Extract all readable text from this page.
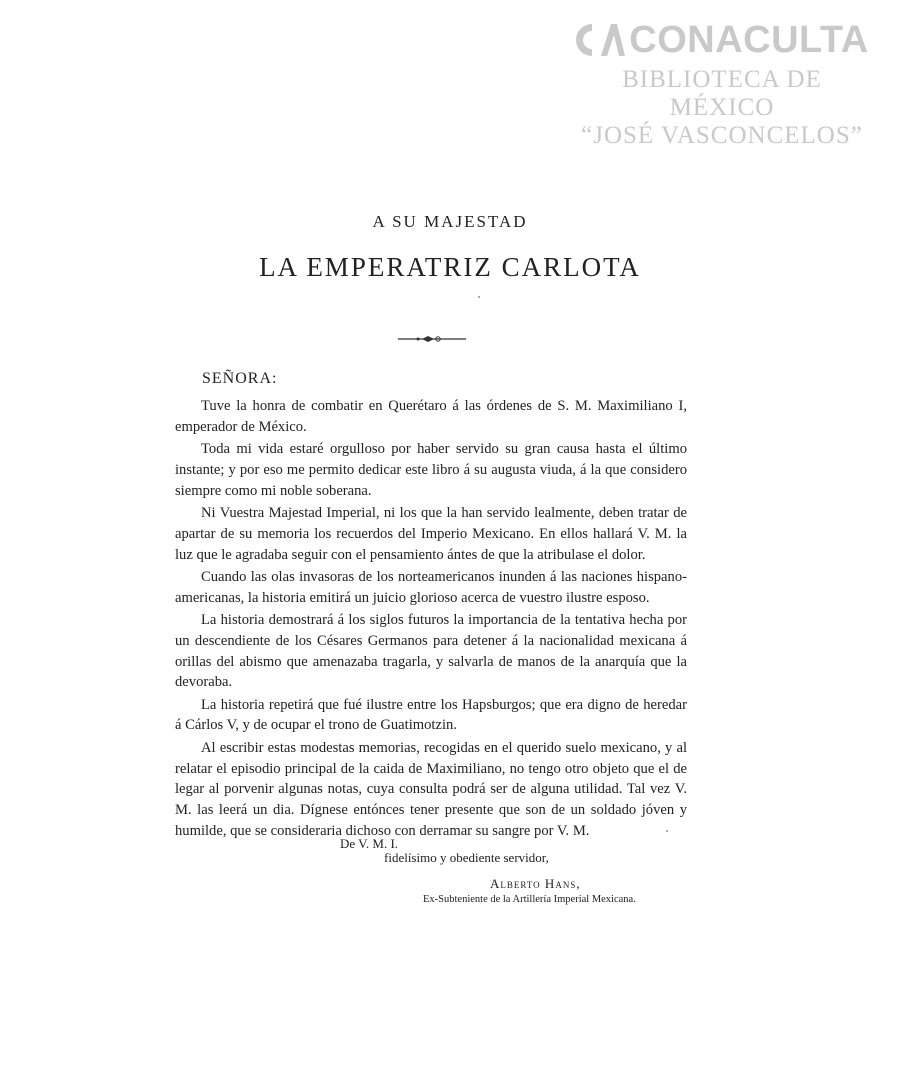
CONACULTA
BIBLIOTECA DE MÉXICO
“JOSÉ VASCONCELOS”
A SU MAJESTAD
LA EMPERATRIZ CARLOTA
SEÑORA:

Tuve la honra de combatir en Querétaro á las órdenes de S. M. Maximiliano I, emperador de México.

Toda mi vida estaré orgulloso por haber servido su gran causa hasta el último instante; y por eso me permito dedicar este libro á su augusta viuda, á la que considero siempre como mi noble soberana.

Ni Vuestra Majestad Imperial, ni los que la han servido lealmente, deben tratar de apartar de su memoria los recuerdos del Imperio Mexicano. En ellos hallará V. M. la luz que le agradaba seguir con el pensamiento ántes de que la atribulase el dolor.

Cuando las olas invasoras de los norteamericanos inunden á las naciones hispano-americanas, la historia emitirá un juicio glorioso acerca de vuestro ilustre esposo.

La historia demostrará á los siglos futuros la importancia de la tentativa hecha por un descendiente de los Césares Germanos para detener á la nacionalidad mexicana á orillas del abismo que amenazaba tragarla, y salvarla de manos de la anarquía que la devoraba.

La historia repetirá que fué ilustre entre los Hapsburgos; que era digno de heredar á Cárlos V, y de ocupar el trono de Guatimotzin.

Al escribir estas modestas memorias, recogidas en el querido suelo mexicano, y al relatar el episodio principal de la caida de Maximiliano, no tengo otro objeto que el de legar al porvenir algunas notas, cuya consulta podrá ser de alguna utilidad. Tal vez V. M. las leerá un dia. Dígnese entónces tener presente que son de un soldado jóven y humilde, que se consideraria dichoso con derramar su sangre por V. M.

De V. M. I.
fidelísimo y obediente servidor,
Alberto Hans,
Ex-Subteniente de la Artillería Imperial Mexicana.
